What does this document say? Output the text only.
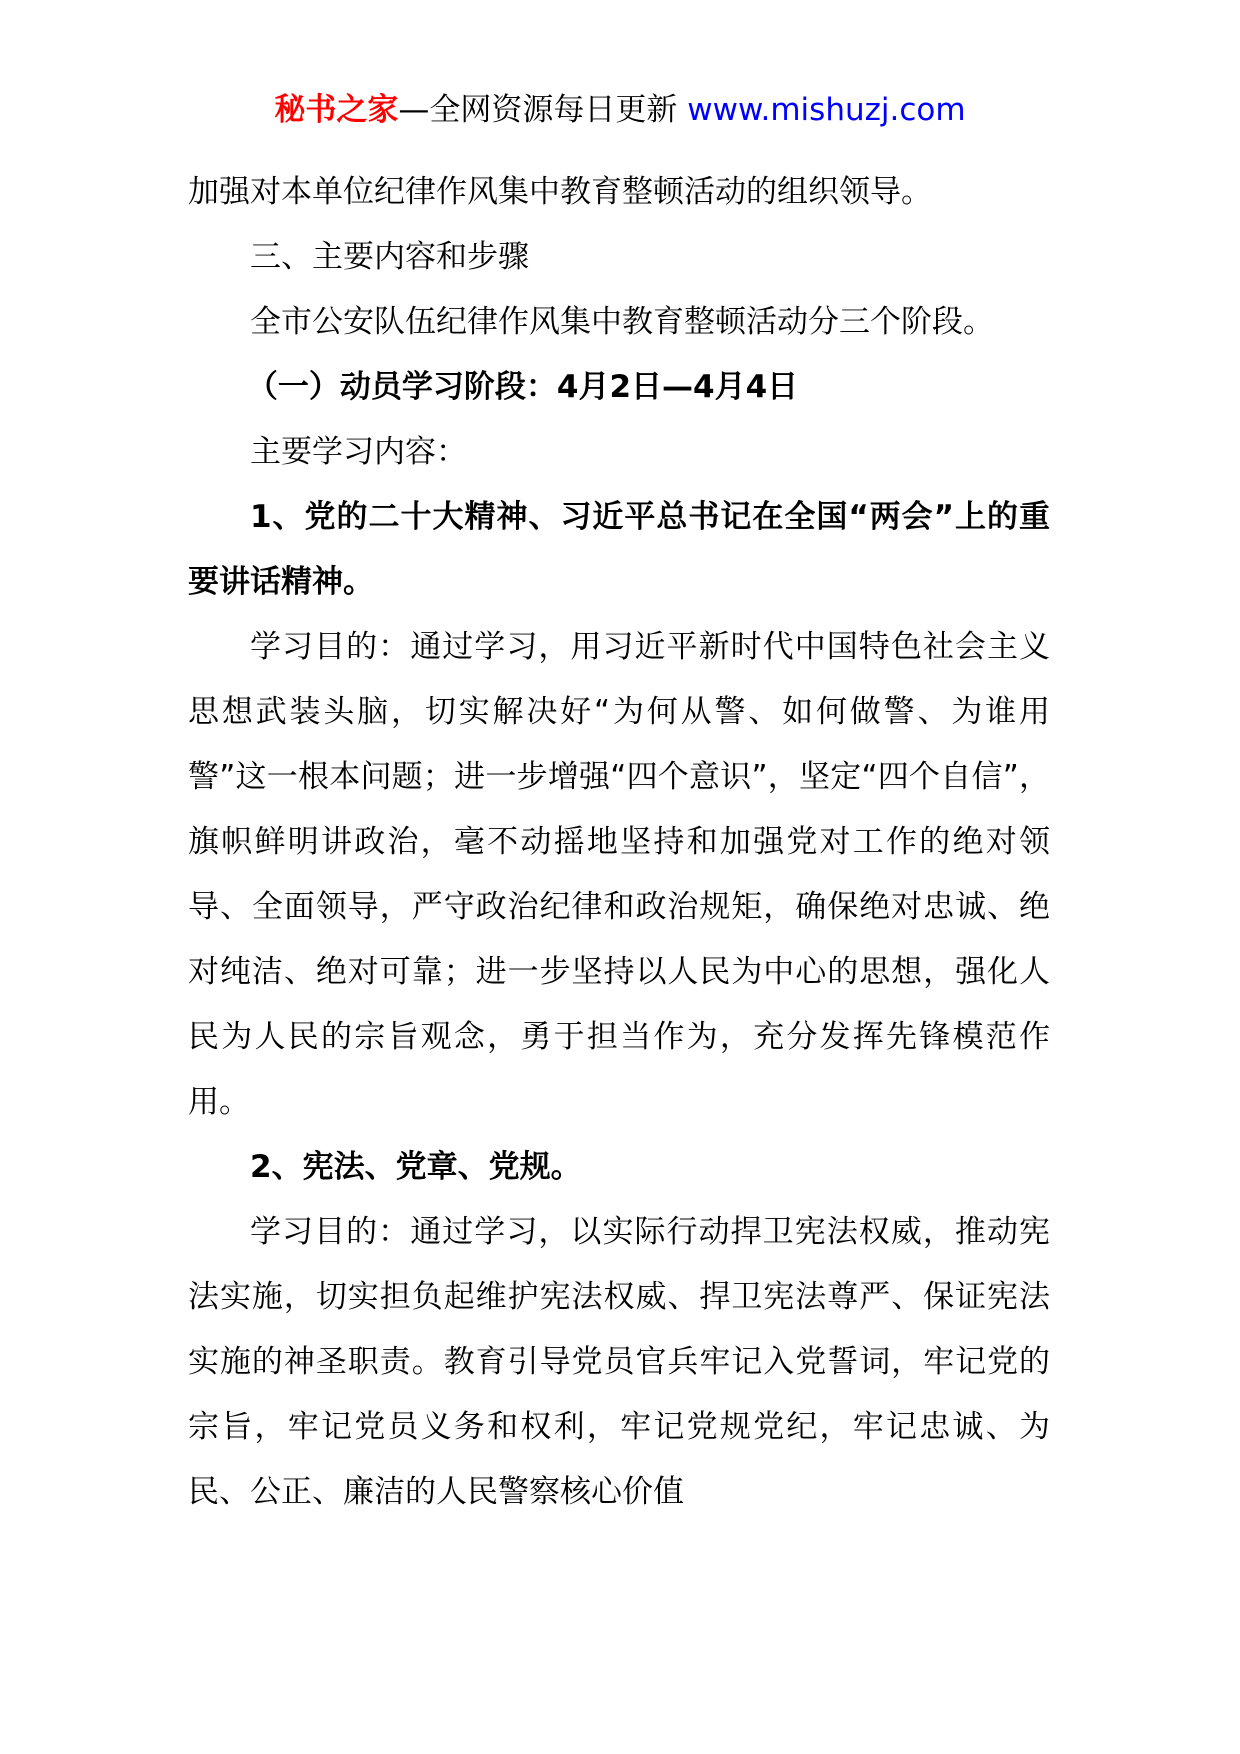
秘书之家—全网资源每日更新 www.mishuzj.com

加强对本单位纪律作风集中教育整顿活动的组织领导。

三、主要内容和步骤

全市公安队伍纪律作风集中教育整顿活动分三个阶段。

（一）动员学习阶段：4月2日—4月4日

主要学习内容：

1、党的二十大精神、习近平总书记在全国“两会”上的重要讲话精神。

学习目的：通过学习，用习近平新时代中国特色社会主义思想武装头脑，切实解决好“为何从警、如何做警、为谁用警”这一根本问题；进一步增强“四个意识”，坚定“四个自信”，旗帜鲜明讲政治，毫不动摇地坚持和加强党对工作的绝对领导、全面领导，严守政治纪律和政治规矩，确保绝对忠诚、绝对纯洁、绝对可靠；进一步坚持以人民为中心的思想，强化人民为人民的宗旨观念，勇于担当作为，充分发挥先锋模范作用。

2、宪法、党章、党规。

学习目的：通过学习，以实际行动捍卫宪法权威，推动宪法实施，切实担负起维护宪法权威、捍卫宪法尊严、保证宪法实施的神圣职责。教育引导党员官兵牢记入党誓词，牢记党的宗旨，牢记党员义务和权利，牢记党规党纪，牢记忠诚、为民、公正、廉洁的人民警察核心价值
